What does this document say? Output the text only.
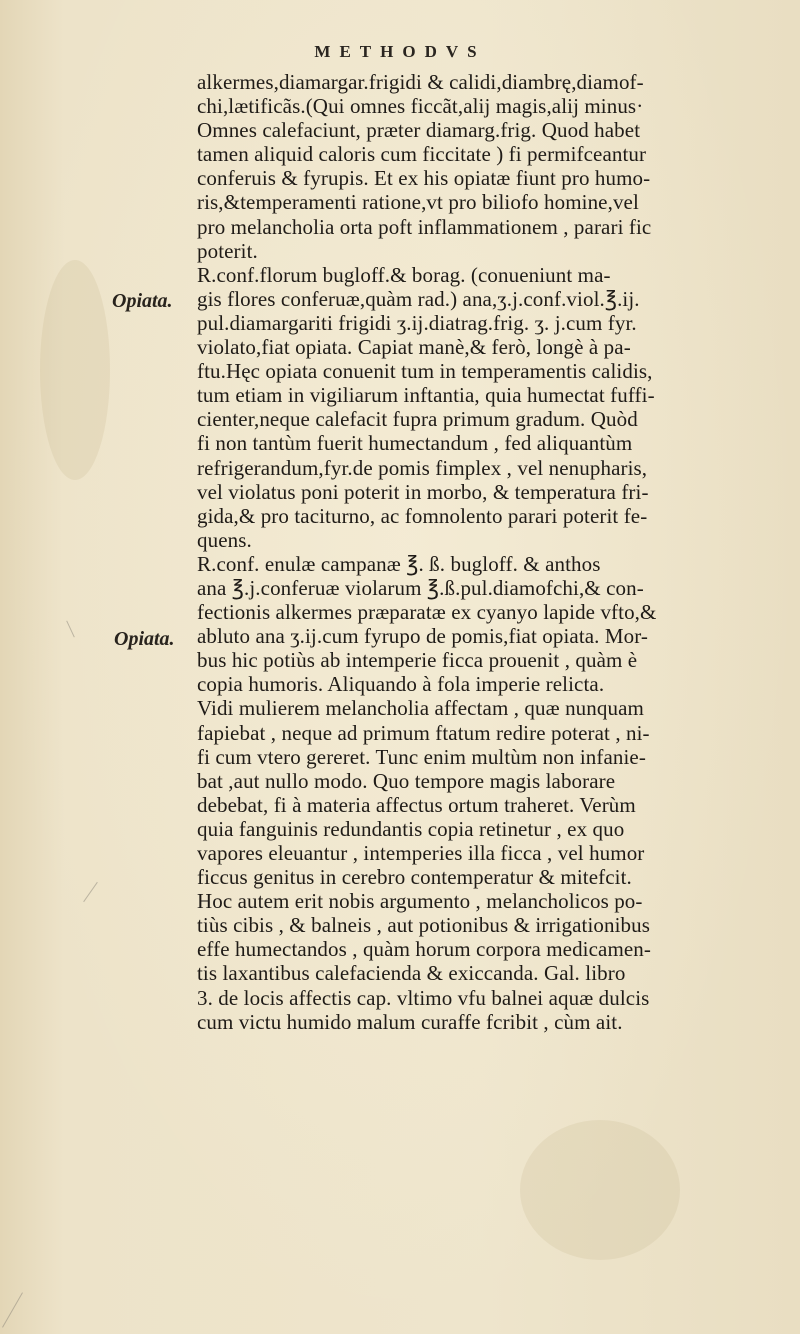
METHODVS
Opiata.
Opiata.
alkermes,diamargar.frigidi & calidi,diambrę,diamof-
chi,lætificãs.(Qui omnes ficcãt,alij magis,alij minus·
Omnes calefaciunt, præter diamarg.frig. Quod habet
tamen aliquid caloris cum ficcitate ) fi permifceantur
conferuis & fyrupis. Et ex his opiatæ fiunt pro humo-
ris,&temperamenti ratione,vt pro biliofo homine,vel
pro melancholia orta poft inflammationem , parari fic
poterit.
R.conf.florum bugloff.& borag. (conueniunt ma-
gis flores conferuæ,quàm rad.) ana,ʒ.j.conf.viol.℥.ij.
pul.diamargariti frigidi ʒ.ij.diatrag.frig. ʒ. j.cum fyr.
violato,fiat opiata. Capiat manè,& ferò, longè à pa-
ftu.Hęc opiata conuenit tum in temperamentis calidis,
tum etiam in vigiliarum inftantia, quia humectat fuffi-
cienter,neque calefacit fupra primum gradum. Quòd
fi non tantùm fuerit humectandum , fed aliquantùm
refrigerandum,fyr.de pomis fimplex , vel nenupharis,
vel violatus poni poterit in morbo, & temperatura fri-
gida,& pro taciturno, ac fomnolento parari poterit fe-
quens.
R.conf. enulæ campanæ ℥. ß. bugloff. & anthos
ana ℥.j.conferuæ violarum ℥.ß.pul.diamofchi,& con-
fectionis alkermes præparatæ ex cyanyo lapide vfto,&
abluto ana ʒ.ij.cum fyrupo de pomis,fiat opiata. Mor-
bus hic potiùs ab intemperie ficca prouenit , quàm è
copia humoris. Aliquando à fola imperie relicta.
Vidi mulierem melancholia affectam , quæ nunquam
fapiebat , neque ad primum ftatum redire poterat , ni-
fi cum vtero gereret. Tunc enim multùm non infanie-
bat ,aut nullo modo. Quo tempore magis laborare
debebat, fi à materia affectus ortum traheret. Verùm
quia fanguinis redundantis copia retinetur , ex quo
vapores eleuantur , intemperies illa ficca , vel humor
ficcus genitus in cerebro contemperatur & mitefcit.
Hoc autem erit nobis argumento , melancholicos po-
tiùs cibis , & balneis , aut potionibus & irrigationibus
effe humectandos , quàm horum corpora medicamen-
tis laxantibus calefacienda & exiccanda. Gal. libro
3. de locis affectis cap. vltimo vfu balnei aquæ dulcis
cum victu humido malum curaffe fcribit , cùm ait.
